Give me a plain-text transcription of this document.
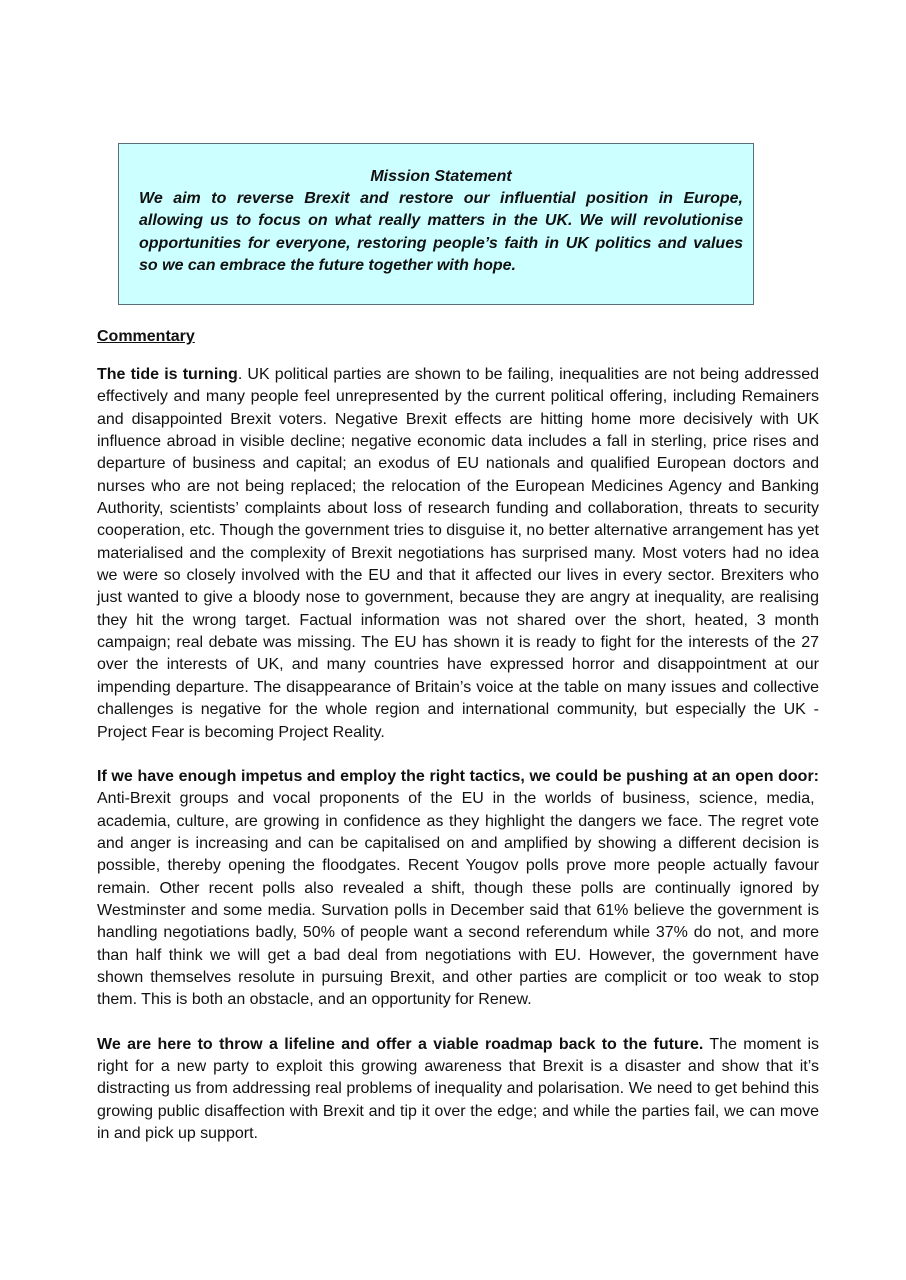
Mission Statement

We aim to reverse Brexit and restore our influential position in Europe, allowing us to focus on what really matters in the UK. We will revolutionise opportunities for everyone, restoring people’s faith in UK politics and values so we can embrace the future together with hope.

Commentary

The tide is turning. UK political parties are shown to be failing, inequalities are not being addressed effectively and many people feel unrepresented by the current political offering, including Remainers and disappointed Brexit voters. Negative Brexit effects are hitting home more decisively with UK influence abroad in visible decline; negative economic data includes a fall in sterling, price rises and departure of business and capital; an exodus of EU nationals and qualified European doctors and nurses who are not being replaced; the relocation of the European Medicines Agency and Banking Authority, scientists’ complaints about loss of research funding and collaboration, threats to security cooperation, etc. Though the government tries to disguise it, no better alternative arrangement has yet materialised and the complexity of Brexit negotiations has surprised many. Most voters had no idea we were so closely involved with the EU and that it affected our lives in every sector. Brexiters who just wanted to give a bloody nose to government, because they are angry at inequality, are realising they hit the wrong target. Factual information was not shared over the short, heated, 3 month campaign; real debate was missing. The EU has shown it is ready to fight for the interests of the 27 over the interests of UK, and many countries have expressed horror and disappointment at our impending departure. The disappearance of Britain’s voice at the table on many issues and collective challenges is negative for the whole region and international community, but especially the UK - Project Fear is becoming Project Reality.

If we have enough impetus and employ the right tactics, we could be pushing at an open door: Anti-Brexit groups and vocal proponents of the EU in the worlds of business, science, media, academia, culture, are growing in confidence as they highlight the dangers we face. The regret vote and anger is increasing and can be capitalised on and amplified by showing a different decision is possible, thereby opening the floodgates. Recent Yougov polls prove more people actually favour remain. Other recent polls also revealed a shift, though these polls are continually ignored by Westminster and some media. Survation polls in December said that 61% believe the government is handling negotiations badly, 50% of people want a second referendum while 37% do not, and more than half think we will get a bad deal from negotiations with EU. However, the government have shown themselves resolute in pursuing Brexit, and other parties are complicit or too weak to stop them. This is both an obstacle, and an opportunity for Renew.

We are here to throw a lifeline and offer a viable roadmap back to the future. The moment is right for a new party to exploit this growing awareness that Brexit is a disaster and show that it’s distracting us from addressing real problems of inequality and polarisation. We need to get behind this growing public disaffection with Brexit and tip it over the edge; and while the parties fail, we can move in and pick up support.
